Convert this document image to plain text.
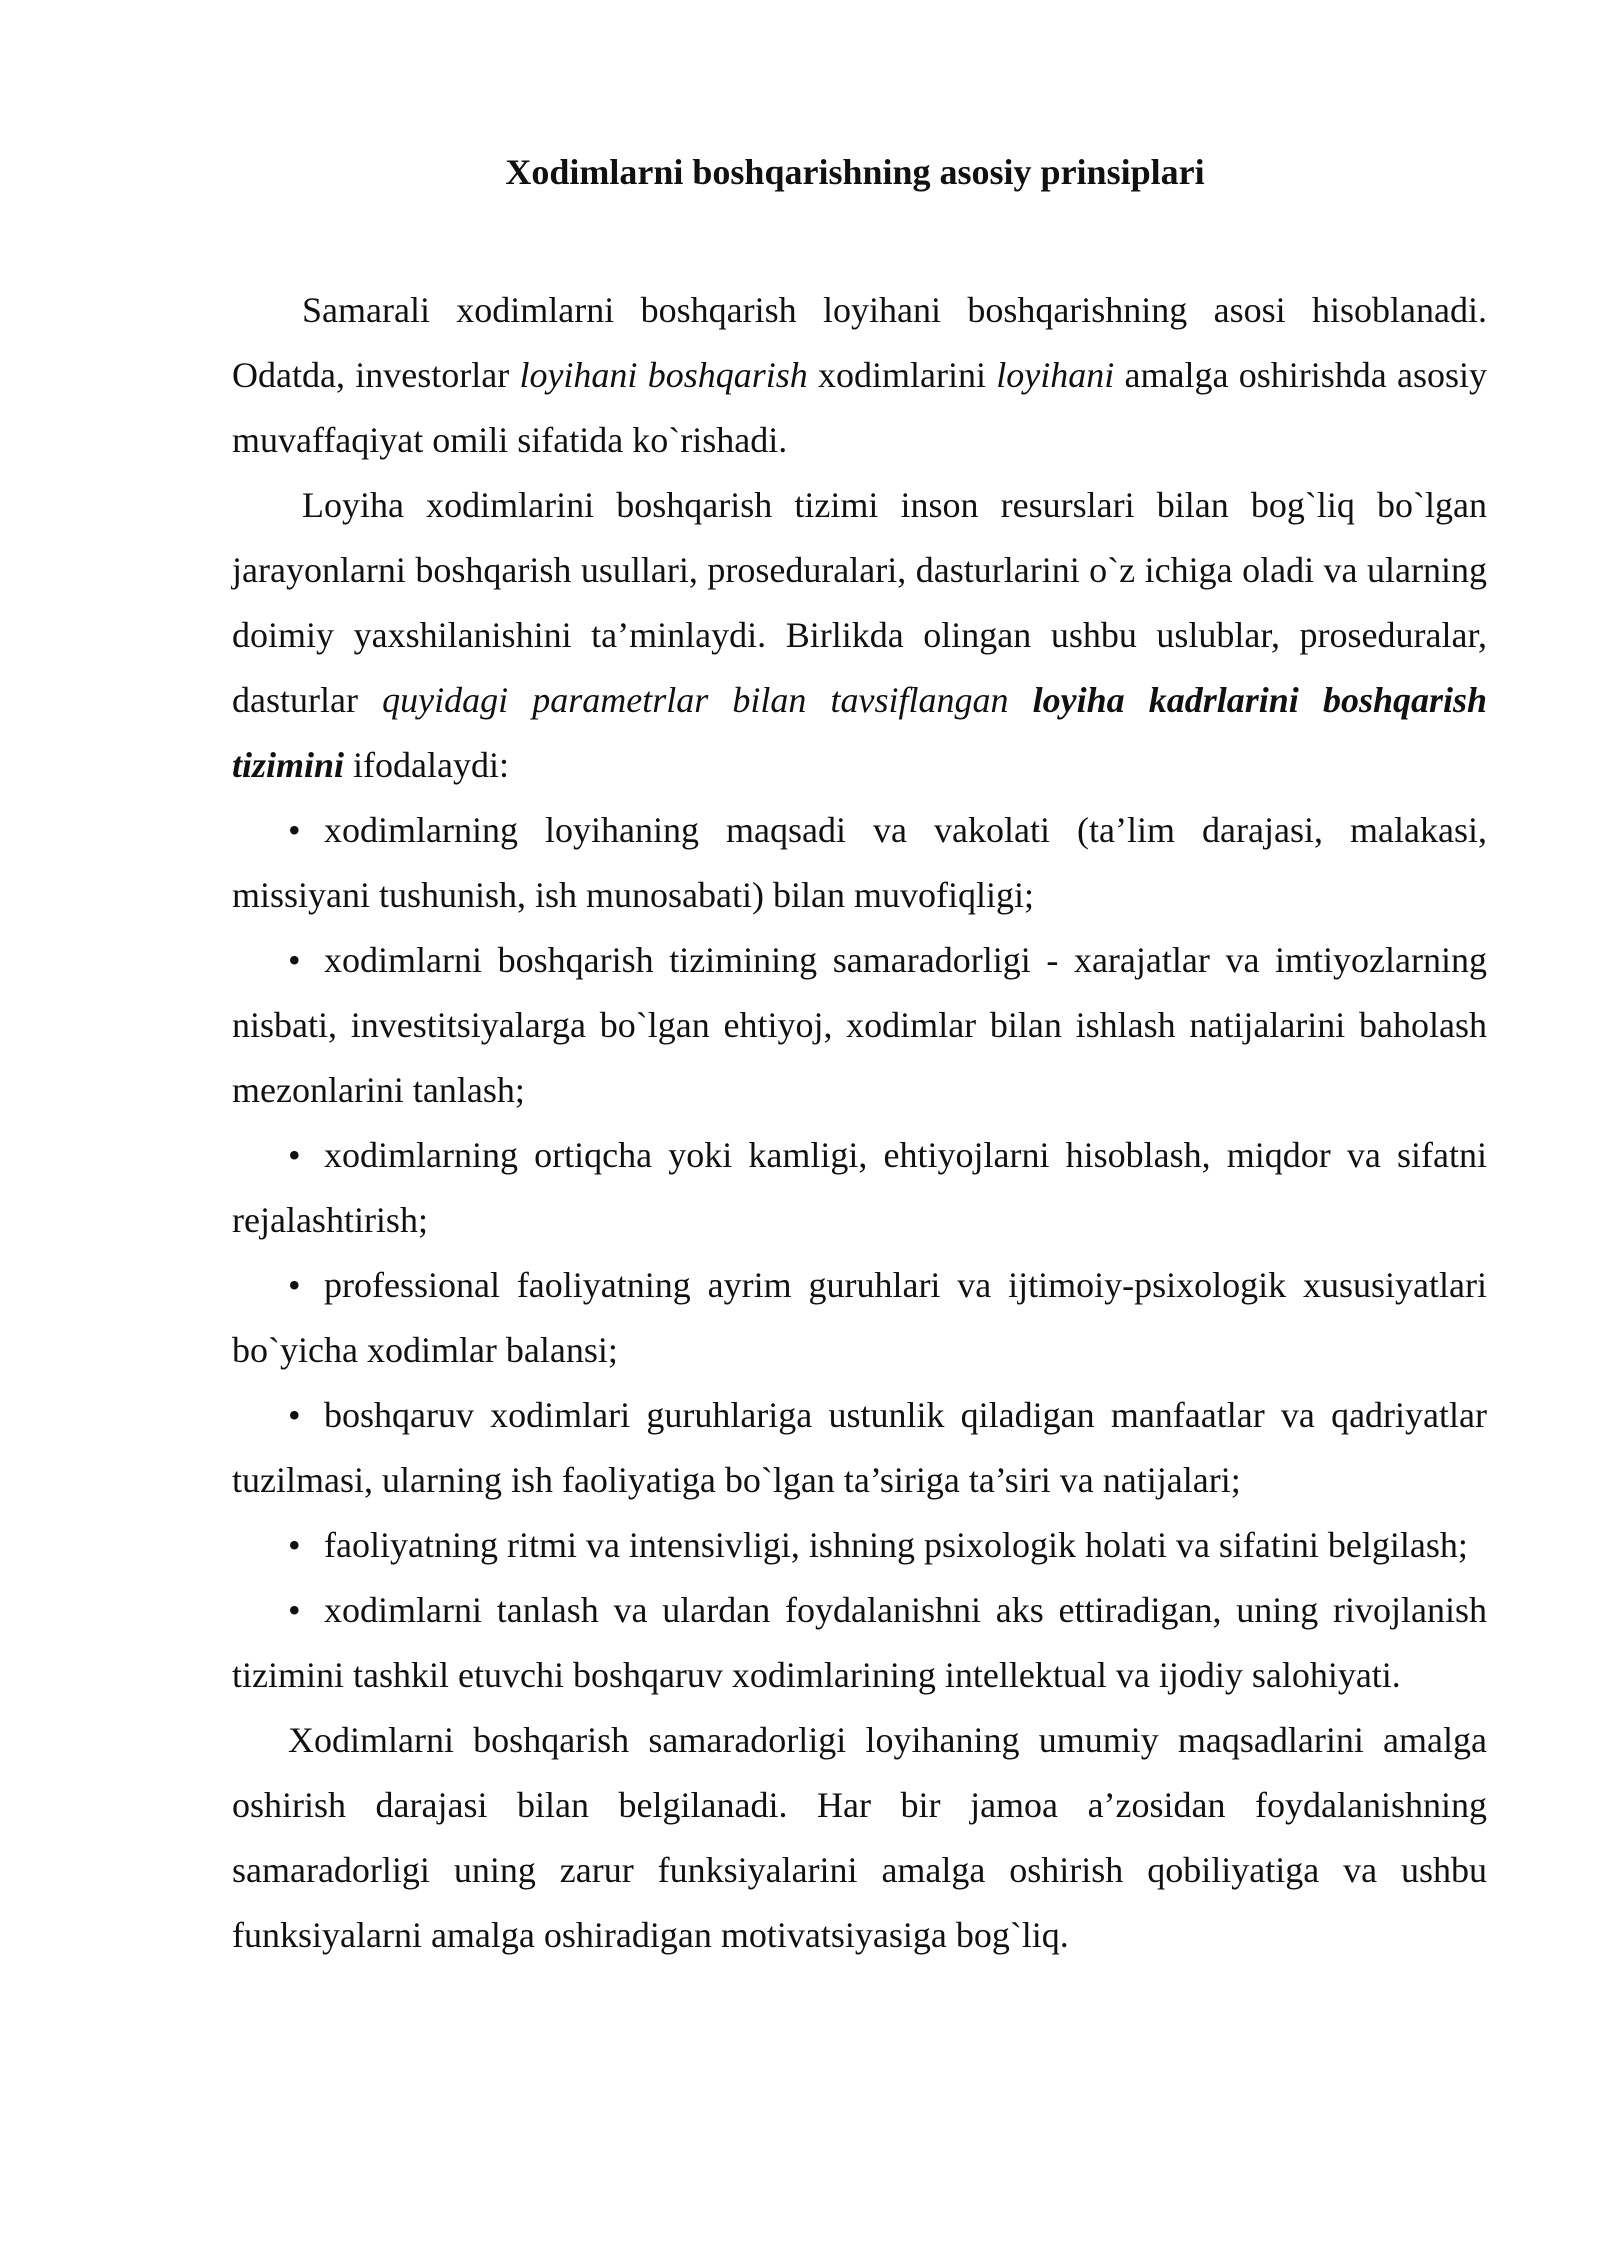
Xodimlarni boshqarishning asosiy prinsiplari

Samarali xodimlarni boshqarish loyihani boshqarishning asosi hisoblanadi. Odatda, investorlar loyihani boshqarish xodimlarini loyihani amalga oshirishda asosiy muvaffaqiyat omili sifatida ko`rishadi.

Loyiha xodimlarini boshqarish tizimi inson resurslari bilan bog`liq bo`lgan jarayonlarni boshqarish usullari, proseduralari, dasturlarini o`z ichiga oladi va ularning doimiy yaxshilanishini ta’minlaydi. Birlikda olingan ushbu uslublar, proseduralar, dasturlar quyidagi parametrlar bilan tavsiflangan loyiha kadrlarini boshqarish tizimini ifodalaydi:

• xodimlarning loyihaning maqsadi va vakolati (ta’lim darajasi, malakasi, missiyani tushunish, ish munosabati) bilan muvofiqligi;

• xodimlarni boshqarish tizimining samaradorligi - xarajatlar va imtiyozlarning nisbati, investitsiyalarga bo`lgan ehtiyoj, xodimlar bilan ishlash natijalarini baholash mezonlarini tanlash;

• xodimlarning ortiqcha yoki kamligi, ehtiyojlarni hisoblash, miqdor va sifatni rejalashtirish;

• professional faoliyatning ayrim guruhlari va ijtimoiy-psixologik xususiyatlari bo`yicha xodimlar balansi;

• boshqaruv xodimlari guruhlariga ustunlik qiladigan manfaatlar va qadriyatlar tuzilmasi, ularning ish faoliyatiga bo`lgan ta’siriga ta’siri va natijalari;

• faoliyatning ritmi va intensivligi, ishning psixologik holati va sifatini belgilash;

• xodimlarni tanlash va ulardan foydalanishni aks ettiradigan, uning rivojlanish tizimini tashkil etuvchi boshqaruv xodimlarining intellektual va ijodiy salohiyati.

Xodimlarni boshqarish samaradorligi loyihaning umumiy maqsadlarini amalga oshirish darajasi bilan belgilanadi. Har bir jamoa a’zosidan foydalanishning samaradorligi uning zarur funksiyalarini amalga oshirish qobiliyatiga va ushbu funksiyalarni amalga oshiradigan motivatsiyasiga bog`liq.
